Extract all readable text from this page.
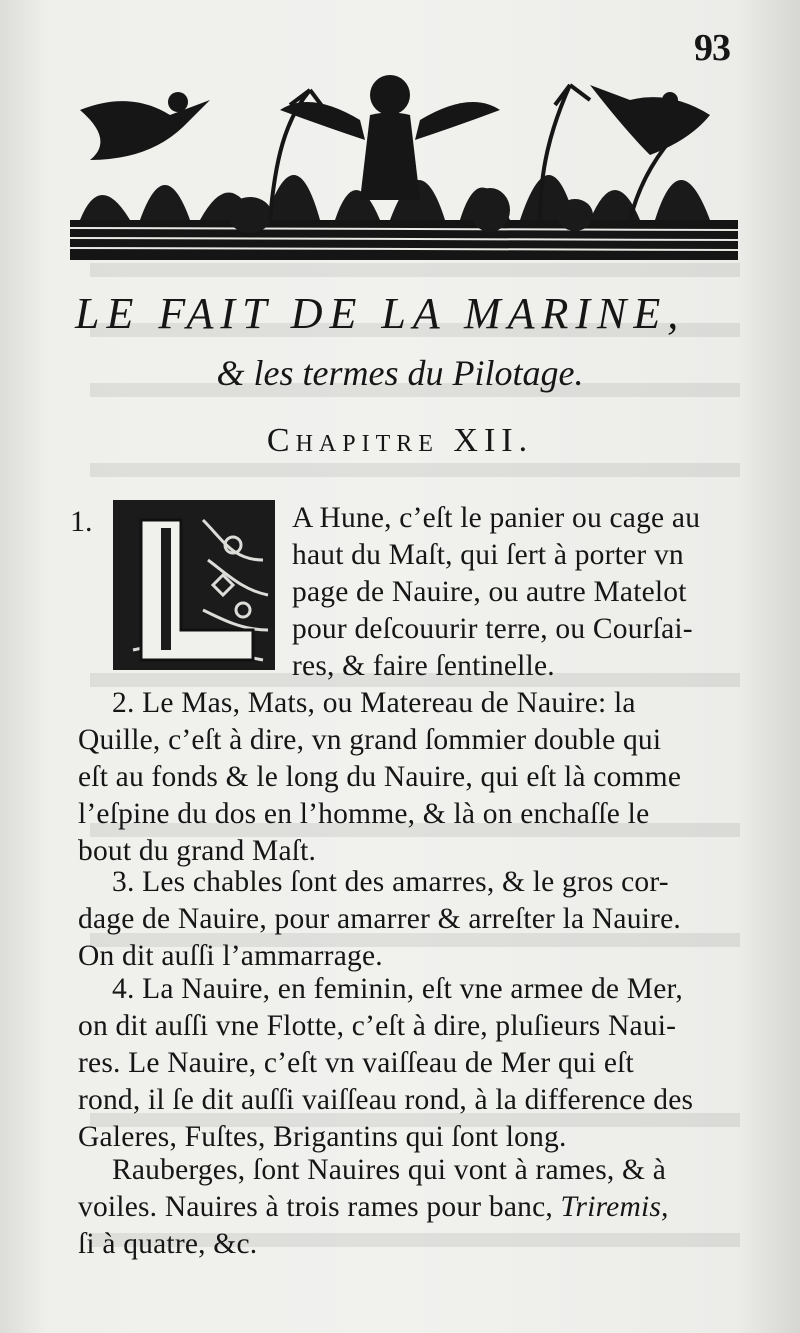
93
LE FAIT DE LA MARINE,
& les termes du Pilotage.
Chapitre XII.
1.	A Hune, c’eſt le panier ou cage au
haut du Maſt, qui ſert à porter vn
page de Nauire, ou autre Matelot
pour deſcouurir terre, ou Courſai-
res, & faire ſentinelle.
2. Le Mas, Mats, ou Matereau de Nauire: la
Quille, c’eſt à dire, vn grand ſommier double qui
eſt au fonds & le long du Nauire, qui eſt là comme
l’eſpine du dos en l’homme, & là on enchaſſe le
bout du grand Maſt.
3. Les chables ſont des amarres, & le gros cor-
dage de Nauire, pour amarrer & arreſter la Nauire.
On dit auſſi l’ammarrage.
4. La Nauire, en feminin, eſt vne armee de Mer,
on dit auſſi vne Flotte, c’eſt à dire, pluſieurs Naui-
res. Le Nauire, c’eſt vn vaiſſeau de Mer qui eſt
rond, il ſe dit auſſi vaiſſeau rond, à la difference des
Galeres, Fuſtes, Brigantins qui ſont long.
Rauberges, ſont Nauires qui vont à rames, & à
voiles. Nauires à trois rames pour banc, Triremis,
ſi à quatre, &c.
